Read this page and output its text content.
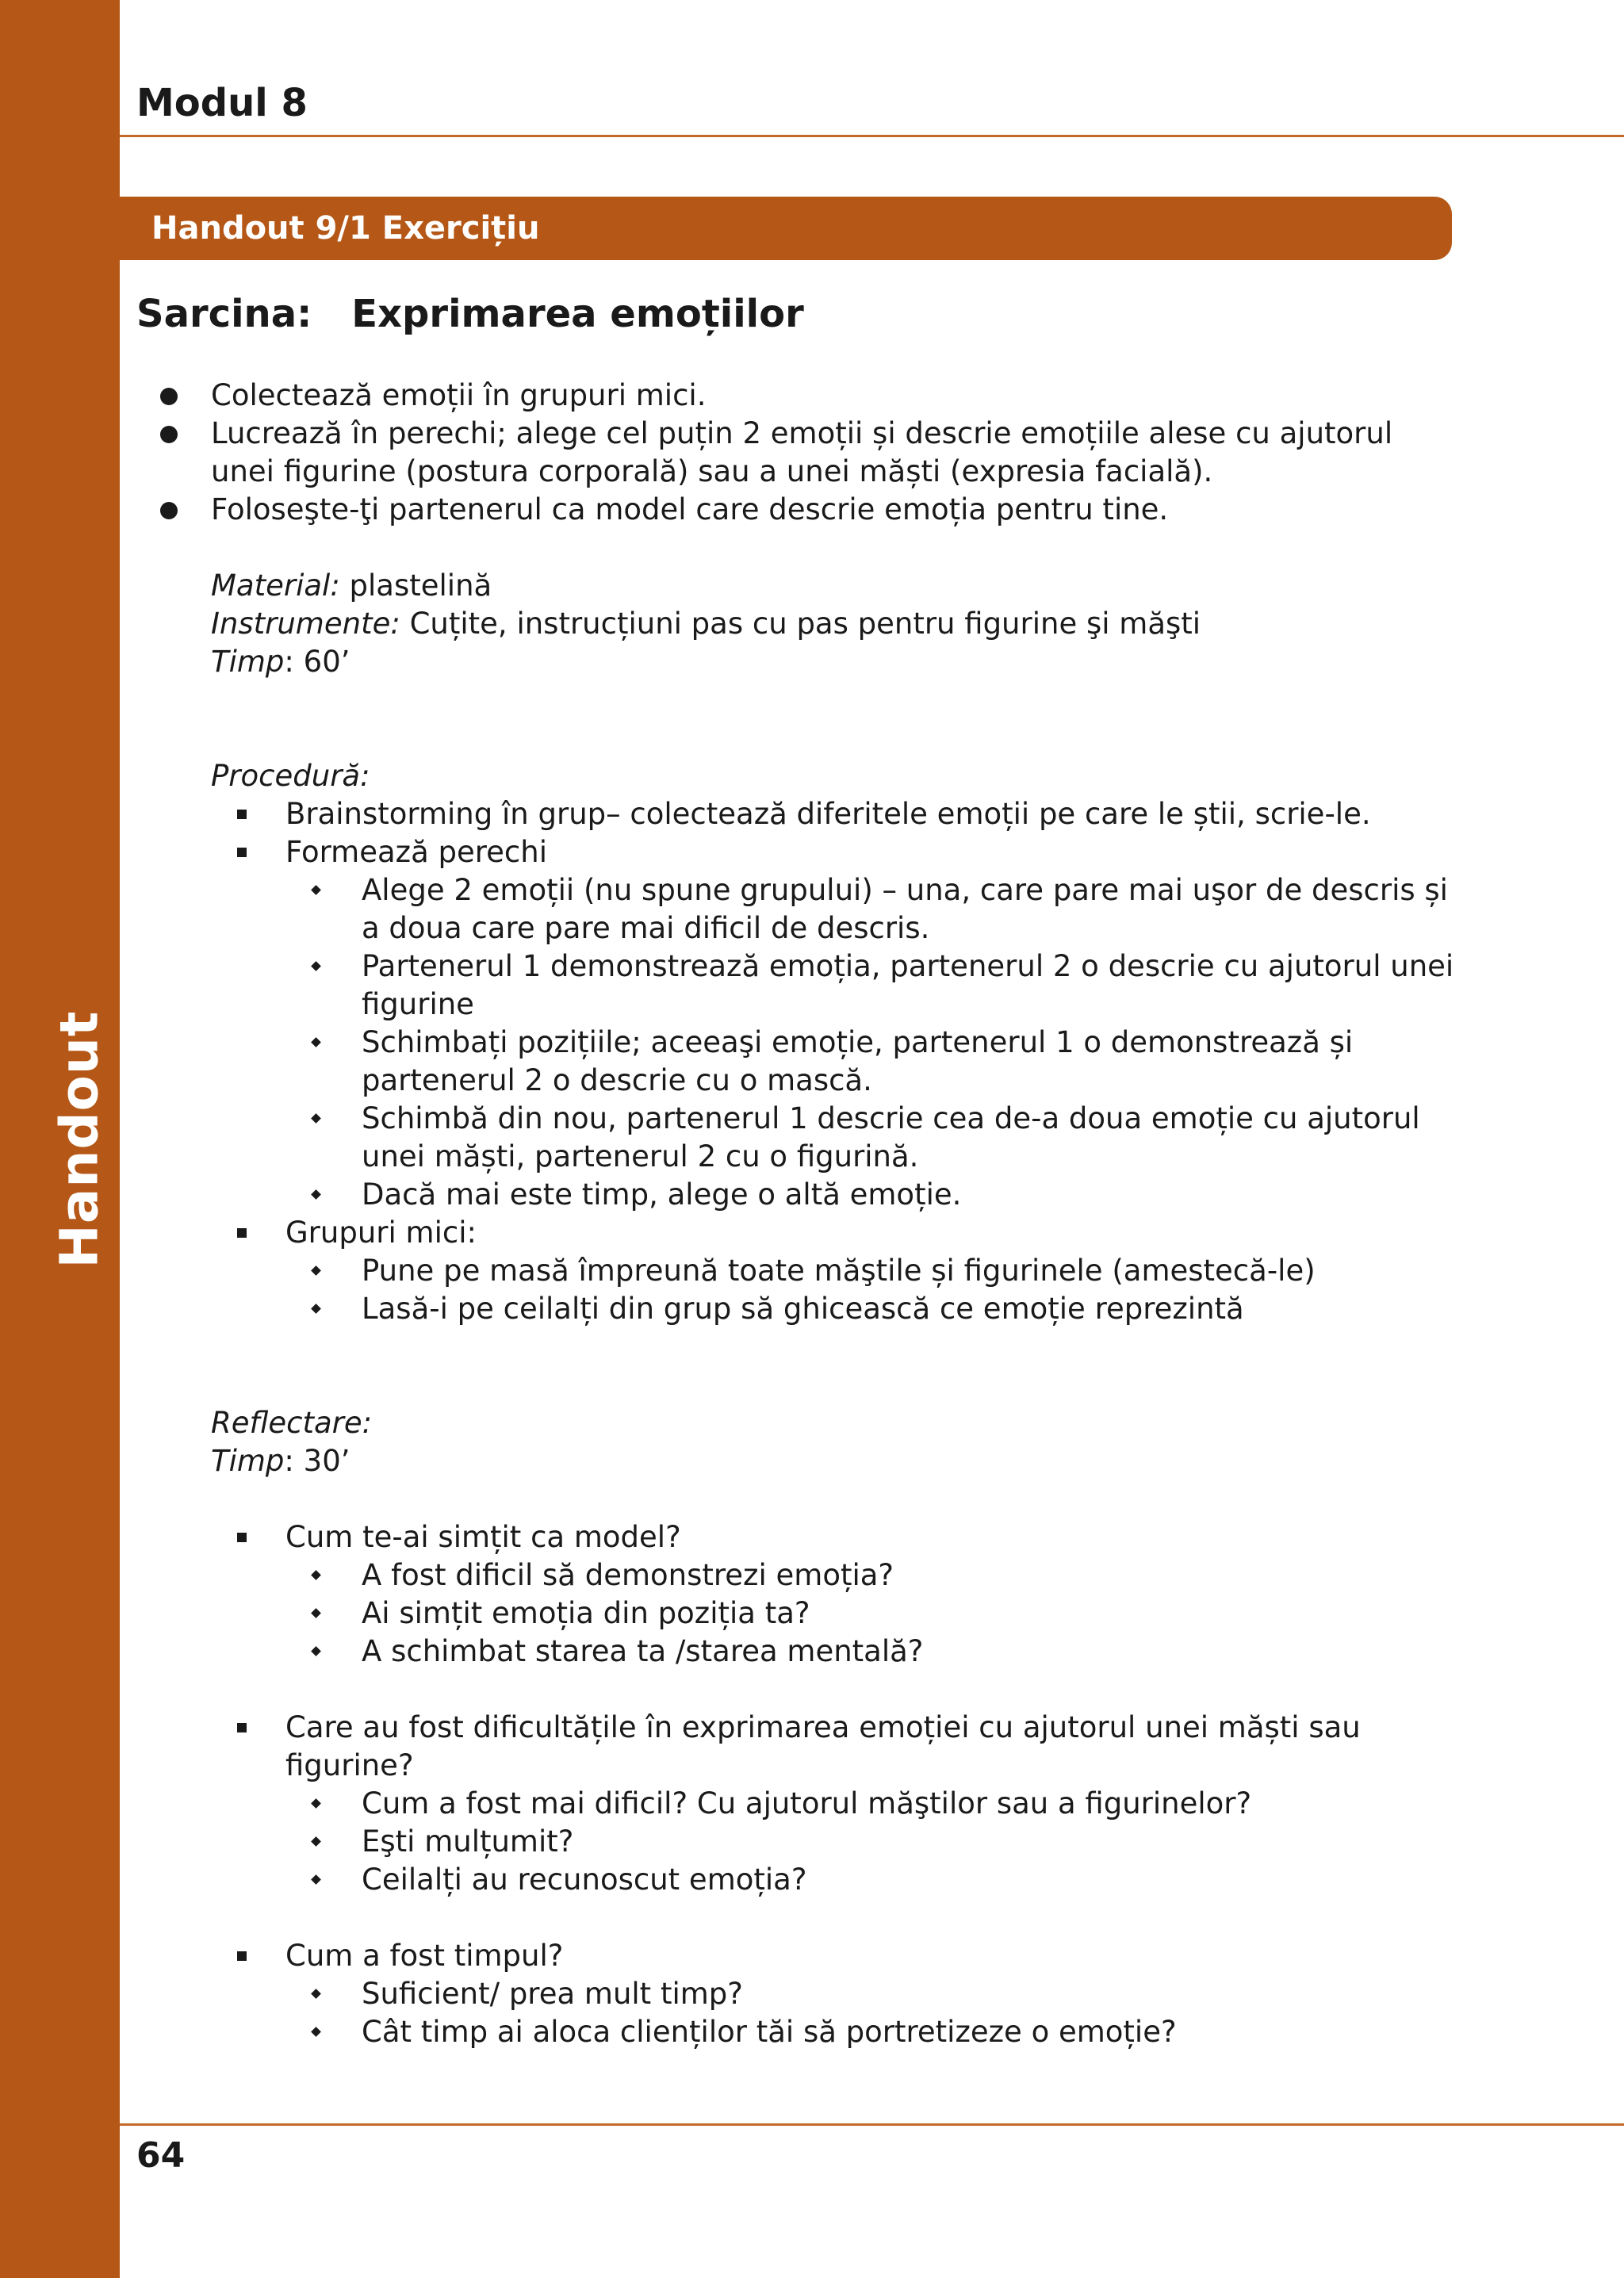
Handout
Modul 8
Handout 9/1 Exercițiu
Sarcina: Exprimarea emoțiilor
Colectează emoții în grupuri mici.
Lucrează în perechi; alege cel puțin 2 emoții și descrie emoțiile alese cu ajutorul unei figurine (postura corporală) sau a unei măști (expresia facială).
Foloseşte-ţi partenerul ca model care descrie emoția pentru tine.
Material: plastelină
Instrumente: Cuțite, instrucțiuni pas cu pas pentru figurine şi măşti
Timp: 60’
Procedură:
Brainstorming în grup– colectează diferitele emoții pe care le știi, scrie-le.
Formează perechi
Alege 2 emoții (nu spune grupului) – una, care pare mai uşor de descris și a doua care pare mai dificil de descris.
Partenerul 1 demonstrează emoția, partenerul 2 o descrie cu ajutorul unei figurine
Schimbați pozițiile; aceeaşi emoție, partenerul 1 o demonstrează și partenerul 2 o descrie cu o mască.
Schimbă din nou, partenerul 1 descrie cea de-a doua emoție cu ajutorul unei măști, partenerul 2 cu o figurină.
Dacă mai este timp, alege o altă emoție.
Grupuri mici:
Pune pe masă împreună toate măştile și figurinele (amestecă-le)
Lasă-i pe ceilalți din grup să ghicească ce emoție reprezintă
Reflectare:
Timp: 30’
Cum te-ai simțit ca model?
A fost dificil să demonstrezi emoția?
Ai simțit emoția din poziția ta?
A schimbat starea ta /starea mentală?
Care au fost dificultățile în exprimarea emoției cu ajutorul unei măști sau figurine?
Cum a fost mai dificil? Cu ajutorul măştilor sau a figurinelor?
Eşti mulțumit?
Ceilalți au recunoscut emoția?
Cum a fost timpul?
Suficient/ prea mult timp?
Cât timp ai aloca clienților tăi să portretizeze o emoție?

64
